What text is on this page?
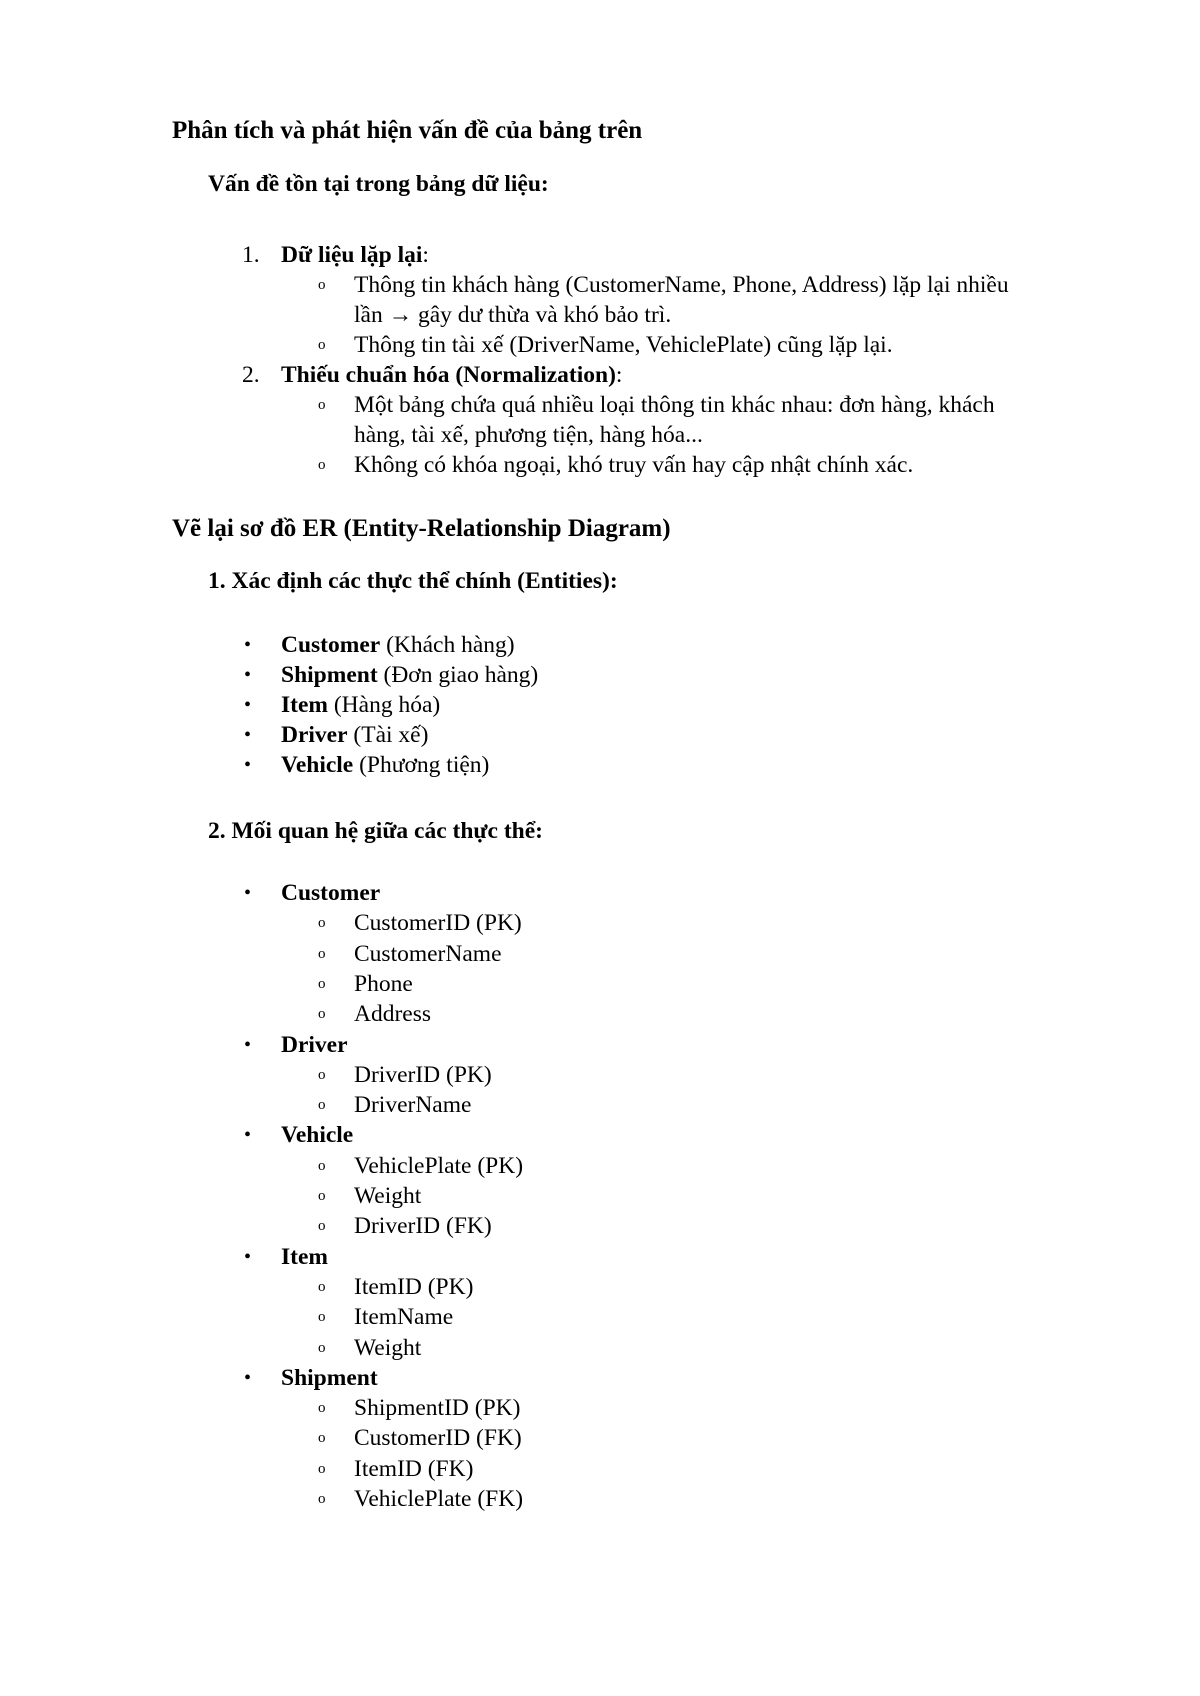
Phân tích và phát hiện vấn đề của bảng trên
Vấn đề tồn tại trong bảng dữ liệu:
1. Dữ liệu lặp lại:
o Thông tin khách hàng (CustomerName, Phone, Address) lặp lại nhiều
lần → gây dư thừa và khó bảo trì.
o Thông tin tài xế (DriverName, VehiclePlate) cũng lặp lại.
2. Thiếu chuẩn hóa (Normalization):
o Một bảng chứa quá nhiều loại thông tin khác nhau: đơn hàng, khách
hàng, tài xế, phương tiện, hàng hóa...
o Không có khóa ngoại, khó truy vấn hay cập nhật chính xác.
Vẽ lại sơ đồ ER (Entity-Relationship Diagram)
1. Xác định các thực thể chính (Entities):
• Customer (Khách hàng)
• Shipment (Đơn giao hàng)
• Item (Hàng hóa)
• Driver (Tài xế)
• Vehicle (Phương tiện)
2. Mối quan hệ giữa các thực thể:
• Customer
o CustomerID (PK)
o CustomerName
o Phone
o Address
• Driver
o DriverID (PK)
o DriverName
• Vehicle
o VehiclePlate (PK)
o Weight
o DriverID (FK)
• Item
o ItemID (PK)
o ItemName
o Weight
• Shipment
o ShipmentID (PK)
o CustomerID (FK)
o ItemID (FK)
o VehiclePlate (FK)
